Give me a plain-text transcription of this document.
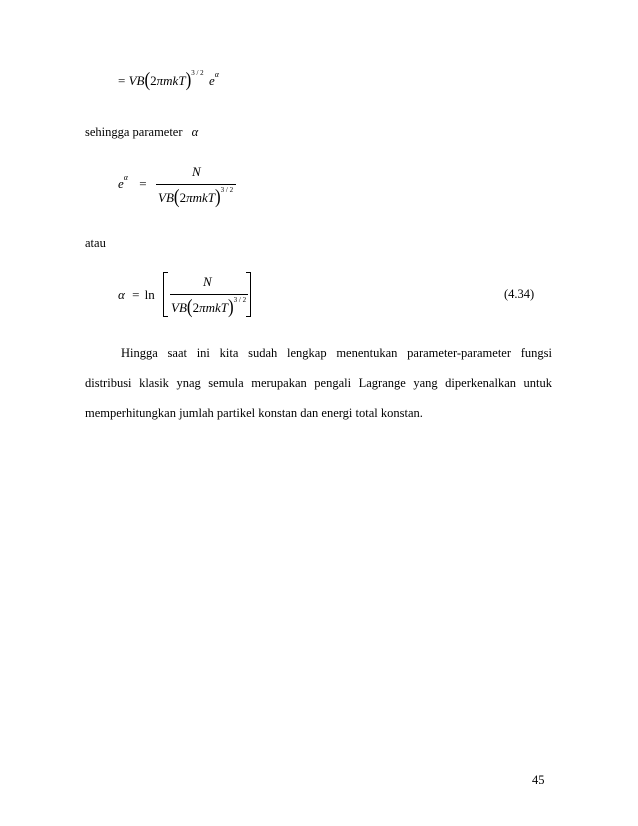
= $VB(2\pi mkT)^{3 / 2}$ $e^\alpha$
sehingga parameter α
$e^\alpha$ =
N
$VB(2\pi mkT)^{3 / 2}$
atau
α = ln
N
$VB(2\pi mkT)^{3 / 2}$	(4.34)
Hingga saat ini kita sudah lengkap menentukan parameter-parameter fungsi
distribusi klasik ynag semula merupakan pengali Lagrange yang diperkenalkan untuk
memperhitungkan jumlah partikel konstan dan energi total konstan.
45
